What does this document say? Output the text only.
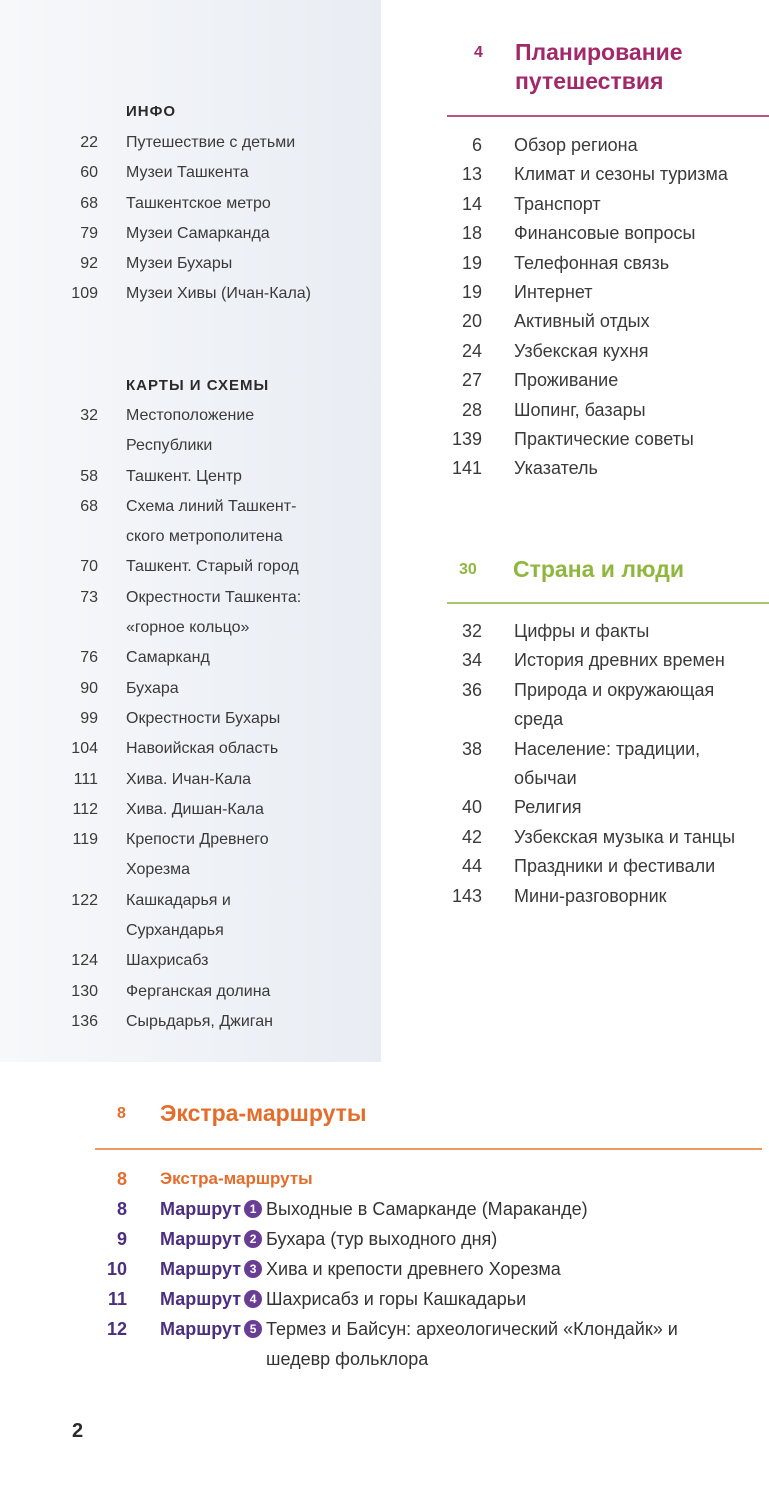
ИНФО
22 Путешествие с детьми
60 Музеи Ташкента
68 Ташкентское метро
79 Музеи Самарканда
92 Музеи Бухары
109 Музеи Хивы (Ичан-Кала)
КАРТЫ И СХЕМЫ
32 Местоположение Республики
58 Ташкент. Центр
68 Схема линий Ташкент-ского метрополитена
70 Ташкент. Старый город
73 Окрестности Ташкента: «горное кольцо»
76 Самарканд
90 Бухара
99 Окрестности Бухары
104 Навоийская область
111 Хива. Ичан-Кала
112 Хива. Дишан-Кала
119 Крепости Древнего Хорезма
122 Кашкадарья и Сурхандарья
124 Шахрисабз
130 Ферганская долина
136 Сырьдарья, Джиган
4 Планирование
путешествия
6 Обзор региона
13 Климат и сезоны туризма
14 Транспорт
18 Финансовые вопросы
19 Телефонная связь
19 Интернет
20 Активный отдых
24 Узбекская кухня
27 Проживание
28 Шопинг, базары
139 Практические советы
141 Указатель
30 Страна и люди
32 Цифры и факты
34 История древних времен
36 Природа и окружающая среда
38 Население: традиции, обычаи
40 Религия
42 Узбекская музыка и танцы
44 Праздники и фестивали
143 Мини-разговорник
8 Экстра-маршруты
8 Экстра-маршруты
8 Маршрут 1 Выходные в Самарканде (Мараканде)
9 Маршрут 2 Бухара (тур выходного дня)
10 Маршрут 3 Хива и крепости древнего Хорезма
11 Маршрут 4 Шахрисабз и горы Кашкадарьи
12 Маршрут 5 Термез и Байсун: археологический «Клондайк» и шедевр фольклора
2
